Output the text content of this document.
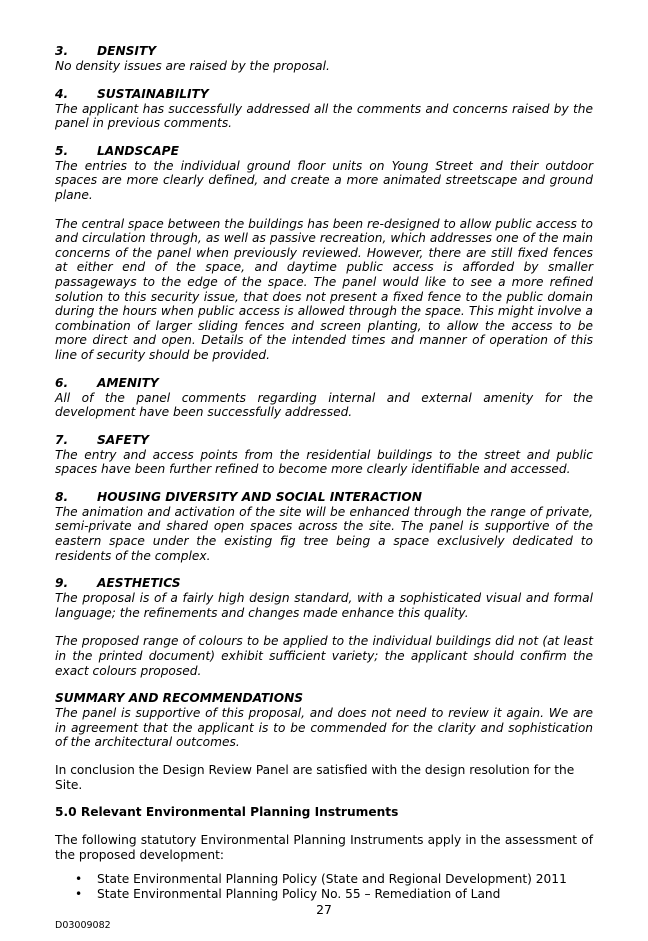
3. DENSITY

No density issues are raised by the proposal.

4. SUSTAINABILITY

The applicant has successfully addressed all the comments and concerns raised by the panel in previous comments.

5. LANDSCAPE

The entries to the individual ground floor units on Young Street and their outdoor spaces are more clearly defined, and create a more animated streetscape and ground plane.

The central space between the buildings has been re-designed to allow public access to and circulation through, as well as passive recreation, which addresses one of the main concerns of the panel when previously reviewed. However, there are still fixed fences at either end of the space, and daytime public access is afforded by smaller passageways to the edge of the space. The panel would like to see a more refined solution to this security issue, that does not present a fixed fence to the public domain during the hours when public access is allowed through the space. This might involve a combination of larger sliding fences and screen planting, to allow the access to be more direct and open. Details of the intended times and manner of operation of this line of security should be provided.

6. AMENITY

All of the panel comments regarding internal and external amenity for the development have been successfully addressed.

7. SAFETY

The entry and access points from the residential buildings to the street and public spaces have been further refined to become more clearly identifiable and accessed.

8. HOUSING DIVERSITY AND SOCIAL INTERACTION

The animation and activation of the site will be enhanced through the range of private, semi-private and shared open spaces across the site. The panel is supportive of the eastern space under the existing fig tree being a space exclusively dedicated to residents of the complex.

9. AESTHETICS

The proposal is of a fairly high design standard, with a sophisticated visual and formal language; the refinements and changes made enhance this quality.

The proposed range of colours to be applied to the individual buildings did not (at least in the printed document) exhibit sufficient variety; the applicant should confirm the exact colours proposed.

SUMMARY AND RECOMMENDATIONS

The panel is supportive of this proposal, and does not need to review it again. We are in agreement that the applicant is to be commended for the clarity and sophistication of the architectural outcomes.

In conclusion the Design Review Panel are satisfied with the design resolution for the Site.

5.0 Relevant Environmental Planning Instruments

The following statutory Environmental Planning Instruments apply in the assessment of the proposed development:

• State Environmental Planning Policy (State and Regional Development) 2011
• State Environmental Planning Policy No. 55 – Remediation of Land
27
D03009082
